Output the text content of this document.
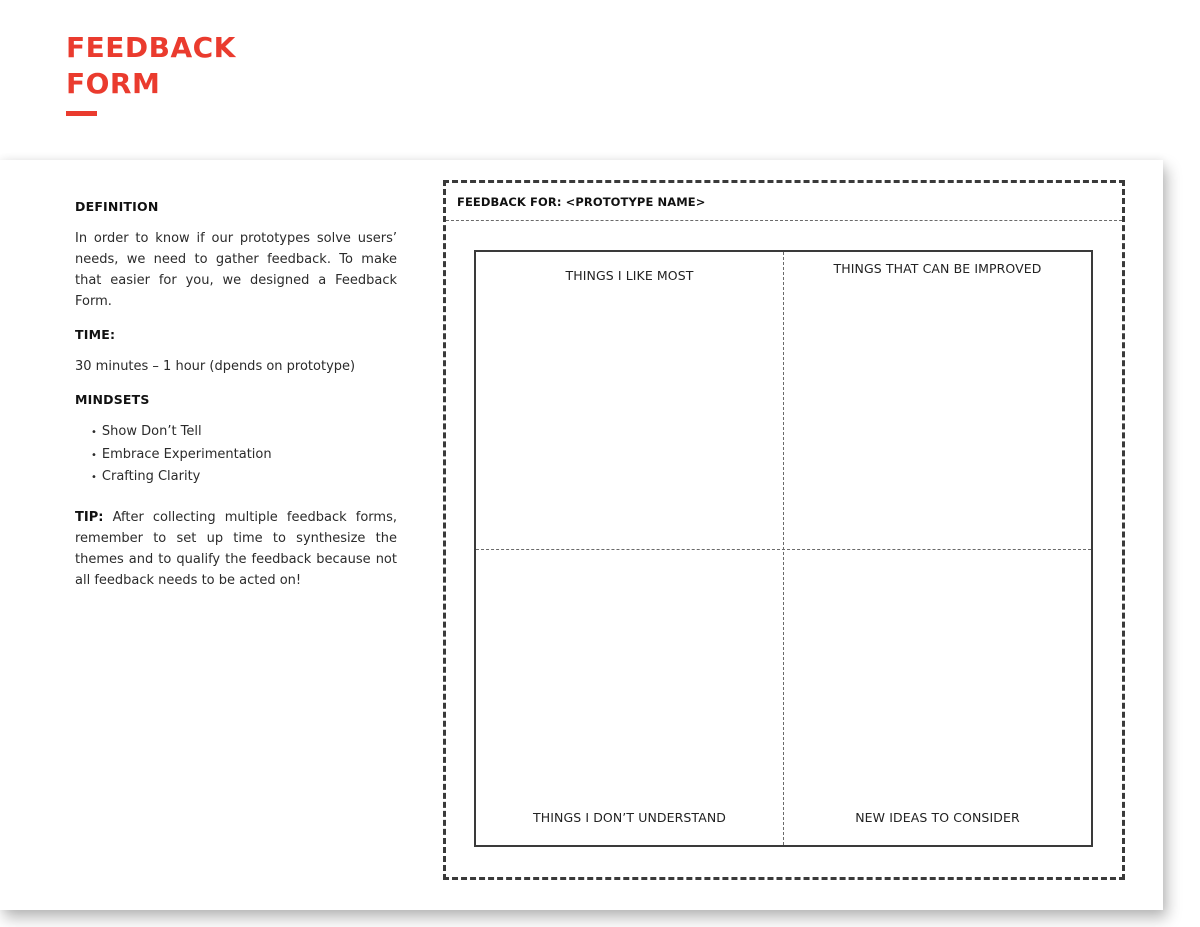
FEEDBACK
FORM
DEFINITION

In order to know if our prototypes solve users’ needs, we need to gather feedback. To make that easier for you, we designed a Feedback Form.

TIME:

30 minutes – 1 hour (dpends on prototype)

MINDSETS
• Show Don’t Tell
• Embrace Experimentation
• Crafting Clarity

TIP: After collecting multiple feedback forms, remember to set up time to synthesize the themes and to qualify the feedback because not all feedback needs to be acted on!

FEEDBACK FOR: <PROTOTYPE NAME>
THINGS I LIKE MOST	THINGS THAT CAN BE IMPROVED
THINGS I DON’T UNDERSTAND	NEW IDEAS TO CONSIDER
